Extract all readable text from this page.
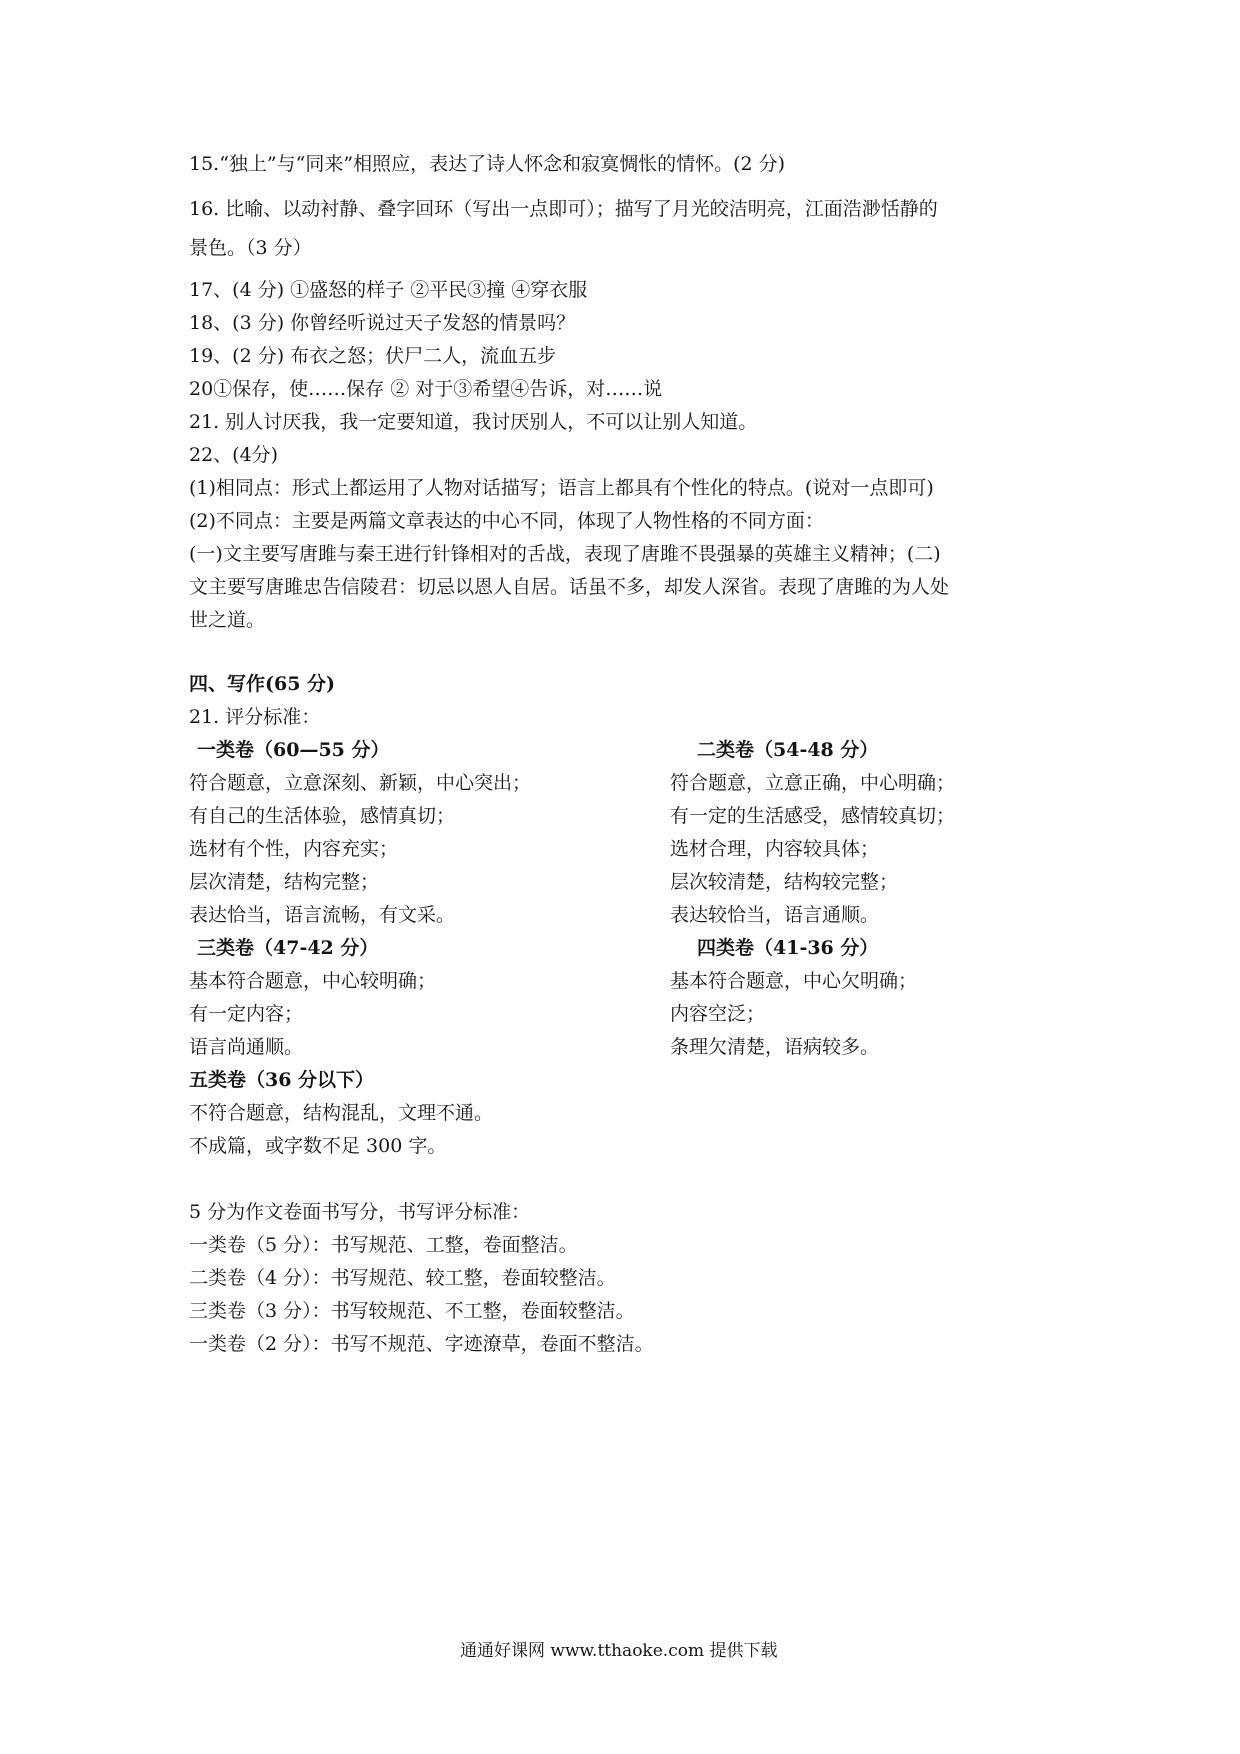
15.“独上”与“同来”相照应，表达了诗人怀念和寂寞惆怅的情怀。(2 分)
16. 比喻、以动衬静、叠字回环（写出一点即可）；描写了月光皎洁明亮，江面浩渺恬静的
景色。（3 分）
17、(4 分) ①盛怒的样子 ②平民③撞 ④穿衣服
18、(3 分) 你曾经听说过天子发怒的情景吗？
19、(2 分) 布衣之怒；伏尸二人，流血五步
20①保存，使……保存 ② 对于③希望④告诉，对……说
21. 别人讨厌我，我一定要知道，我讨厌别人，不可以让别人知道。
22、(4分)
(1)相同点：形式上都运用了人物对话描写；语言上都具有个性化的特点。(说对一点即可)
(2)不同点：主要是两篇文章表达的中心不同，体现了人物性格的不同方面：
(一)文主要写唐雎与秦王进行针锋相对的舌战，表现了唐雎不畏强暴的英雄主义精神；(二)
文主要写唐雎忠告信陵君：切忌以恩人自居。话虽不多，却发人深省。表现了唐雎的为人处
世之道。
四、写作(65 分)
21. 评分标准：
一类卷（60—55 分）
符合题意，立意深刻、新颖，中心突出；
有自己的生活体验，感情真切；
选材有个性，内容充实；
层次清楚，结构完整；
表达恰当，语言流畅，有文采。
二类卷（54-48 分）
符合题意，立意正确，中心明确；
有一定的生活感受，感情较真切；
选材合理，内容较具体；
层次较清楚，结构较完整；
表达较恰当，语言通顺。
三类卷（47-42 分）
基本符合题意，中心较明确；
有一定内容；
语言尚通顺。
四类卷（41-36 分）
基本符合题意，中心欠明确；
内容空泛；
条理欠清楚，语病较多。
五类卷（36 分以下）
不符合题意，结构混乱，文理不通。
不成篇，或字数不足 300 字。
5 分为作文卷面书写分，书写评分标准：
一类卷（5 分）：书写规范、工整，卷面整洁。
二类卷（4 分）：书写规范、较工整，卷面较整洁。
三类卷（3 分）：书写较规范、不工整，卷面较整洁。
一类卷（2 分）：书写不规范、字迹潦草，卷面不整洁。
通通好课网 www.tthaoke.com 提供下载
